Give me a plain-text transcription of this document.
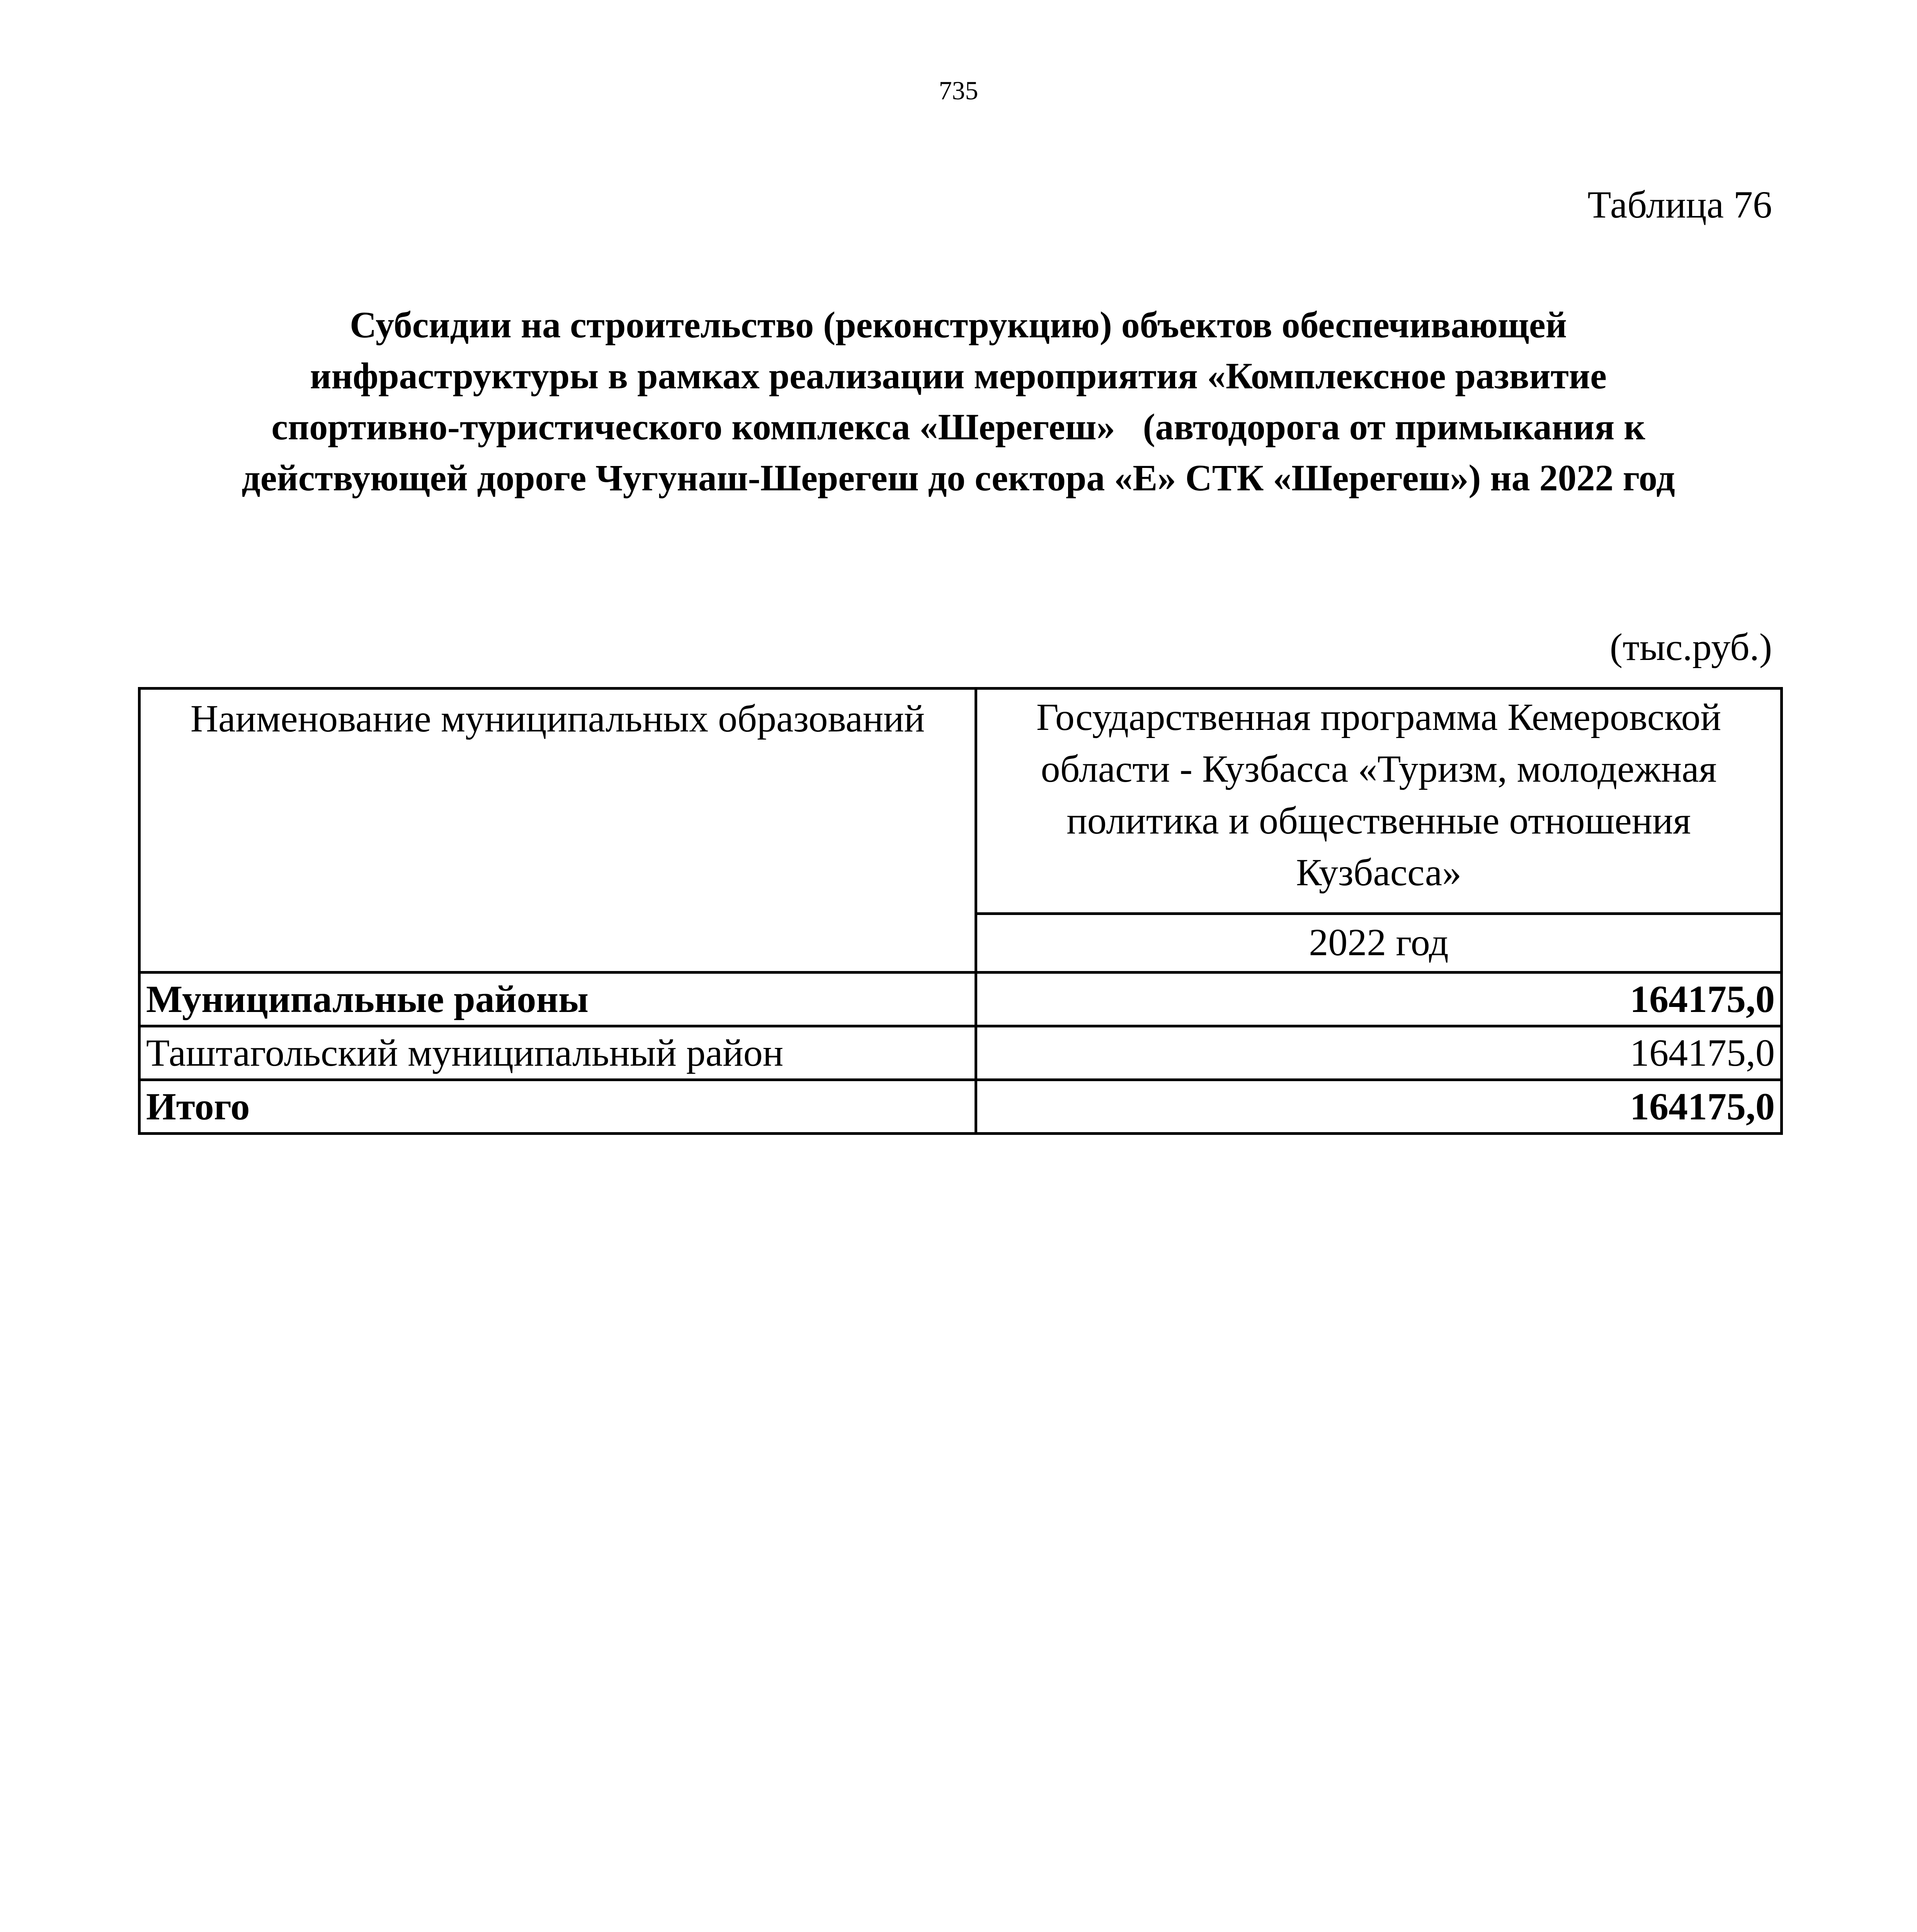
735
Таблица 76
Субсидии на строительство (реконструкцию) объектов обеспечивающей
инфраструктуры в рамках реализации мероприятия «Комплексное развитие
спортивно-туристического комплекса «Шерегеш»   (автодорога от примыкания к
действующей дороге Чугунаш-Шерегеш до сектора «Е» СТК «Шерегеш») на 2022 год
(тыс.руб.)
Наименование муниципальных образований	Государственная программа Кемеровской области - Кузбасса «Туризм, молодежная политика и общественные отношения Кузбасса»
	2022 год
Муниципальные районы	164175,0
Таштагольский муниципальный район	164175,0
Итого	164175,0
